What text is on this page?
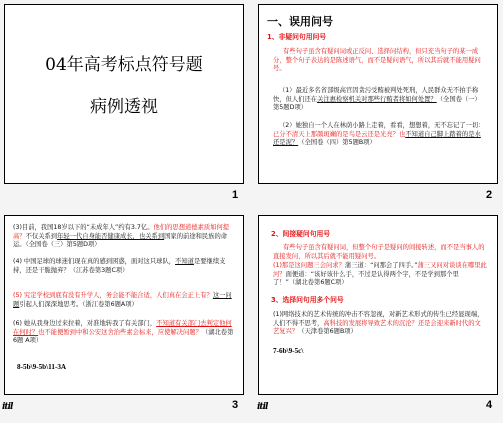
04年高考标点符号题
病例透视
1
一、误用问号
1、非疑问句用问号
有些句子虽含有疑问词或正反问、选择问结构，但只充当句子的某一成分，整个句子表达的是陈述语气，而不是疑问语气，所以其后就不能用疑问号。
（1）最近多名省部级高官因贪污受贿被判处死刑，人民群众无不拍手称快，但人们还在关注惠检察机关对那些行贿者将如何处置？（全国卷（一）第5题D项）
（2）她独自一个人在林荫小路上走着，看看，想想着，无不忘记了一切：已分不清天上那颜斑斓的是鸟是云还是光亮？也不知道自己脚上踏着的是水还是泥？（全国卷（四）第5题B项）
2
(3)目前，我国18岁以下的“未成年人”约有3.7亿。他们的思想道德素质如何提高？不仅关系到年轻一代自身能否健康成长，也关系到国家的前途和民族的命运。（全国卷（三）第5题D项）
(4) 中国足球的球迷们现在真的感到困惑，面对这只球队，不知道是要继续支持，还是干脆抛弃？（江苏卷第3题C项）
(5) 究定学校到底有没有升学人，务会能不能合适，人们真在会正上有？这一问题引起人们深深地思考。（浙江卷第6题A项）
(6) 她从我身边过来拉着，对准地转我了有关部门，不知道有关部门去判定他何在何时？也不能便暂到中和公安这舍治些素会标来，应使解决问题？（湖北卷第6题 A项）
8-5b\9-5b\11-3A
itil	3
2、间接疑问句用号
有些句子虽含有疑问词，但整个句子是疑问的间接转述，而不是当事人的直接发问，所以其后就不能用疑问号。
(1)那是这问题三会问求？蒲三道：“问那会了四手。”蒲三又问对谈谈在哪里此河？面便道：“该好该什么手，不过是认得两个字，不是学到那个里了！”（湖北卷第6题C项）
3、选择问句用多个问号
(1)网络技术的艺术传统的冲击不容忽视，对新艺术形式的传生已经显现端，人们不得不思考，高科技的发展将导致艺术的沉沦？还是会迎来新时代的文艺复兴？（天津卷第6题B项）
7-6b\9-5c\
itil	4
